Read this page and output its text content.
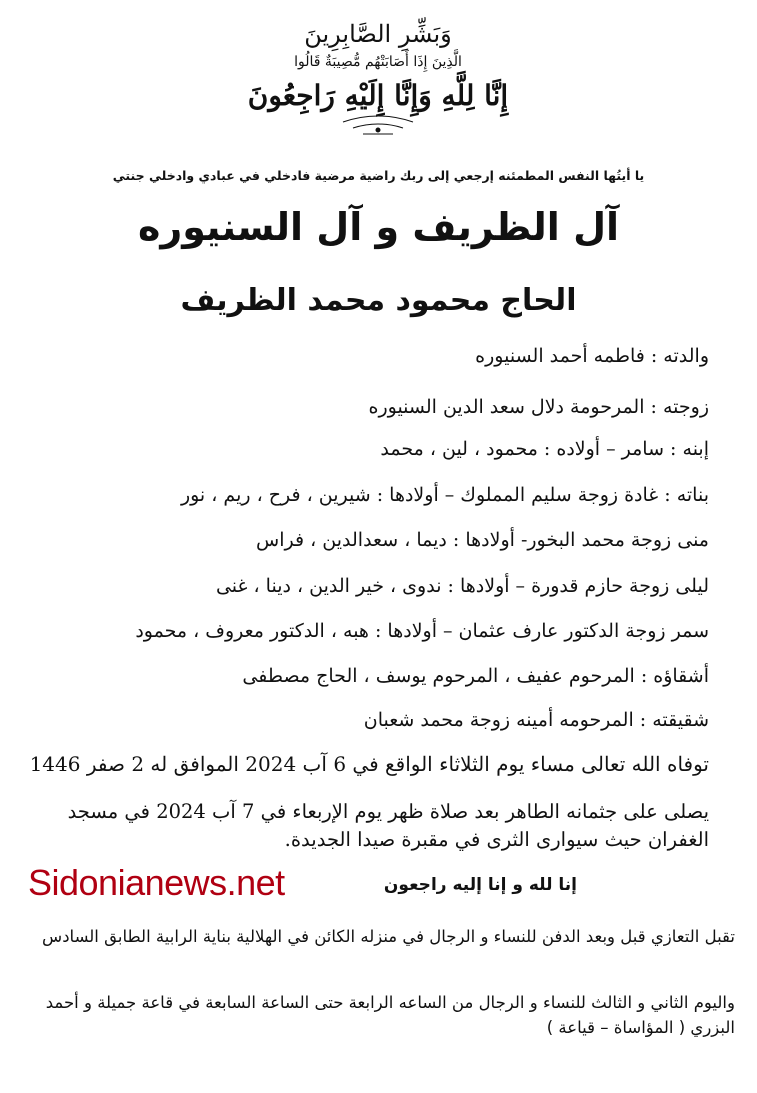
وَبَشِّرِ الصَّابِرِينَ
الَّذِينَ إِذَا أَصَابَتْهُم مُّصِيبَةٌ قَالُوا
إِنَّا لِلَّهِ وَإِنَّا إِلَيْهِ رَاجِعُونَ
يا أيتُها النفس المطمئنه إرجعي إلى ربك راضية مرضية فادخلي في عبادي وادخلي جنتي
آل الظريف و آل السنيوره
الحاج محمود محمد الظريف
والدته : فاطمه أحمد السنيوره
زوجته : المرحومة دلال سعد الدين السنيوره
إبنه : سامر – أولاده : محمود ، لين ، محمد
بناته : غادة زوجة سليم المملوك – أولادها : شيرين ، فرح ، ريم ، نور
منى زوجة محمد البخور- أولادها : ديما ، سعدالدين ، فراس
ليلى زوجة حازم قدورة – أولادها : ندوى ، خير الدين ، دينا ، غنى
سمر زوجة الدكتور عارف عثمان – أولادها : هبه ، الدكتور معروف ، محمود
أشقاؤه : المرحوم عفيف ، المرحوم يوسف ، الحاج مصطفى
شقيقته : المرحومه أمينه زوجة محمد شعبان
توفاه الله تعالى مساء يوم الثلاثاء الواقع في 6 آب 2024 الموافق له 2 صفر 1446
يصلى على جثمانه الطاهر بعد صلاة ظهر يوم الإربعاء في 7 آب 2024 في مسجد الغفران حيث سيوارى الثرى في مقبرة صيدا الجديدة.
Sidonianews.net	إنا لله و إنا إليه راجعون
تقبل التعازي قبل وبعد الدفن للنساء و الرجال في منزله الكائن في الهلالية بناية الرابية الطابق السادس
واليوم الثاني و الثالث للنساء و الرجال من الساعه الرابعة حتى الساعة السابعة في قاعة جميلة و أحمد البزري ( المؤاساة – قياعة )
